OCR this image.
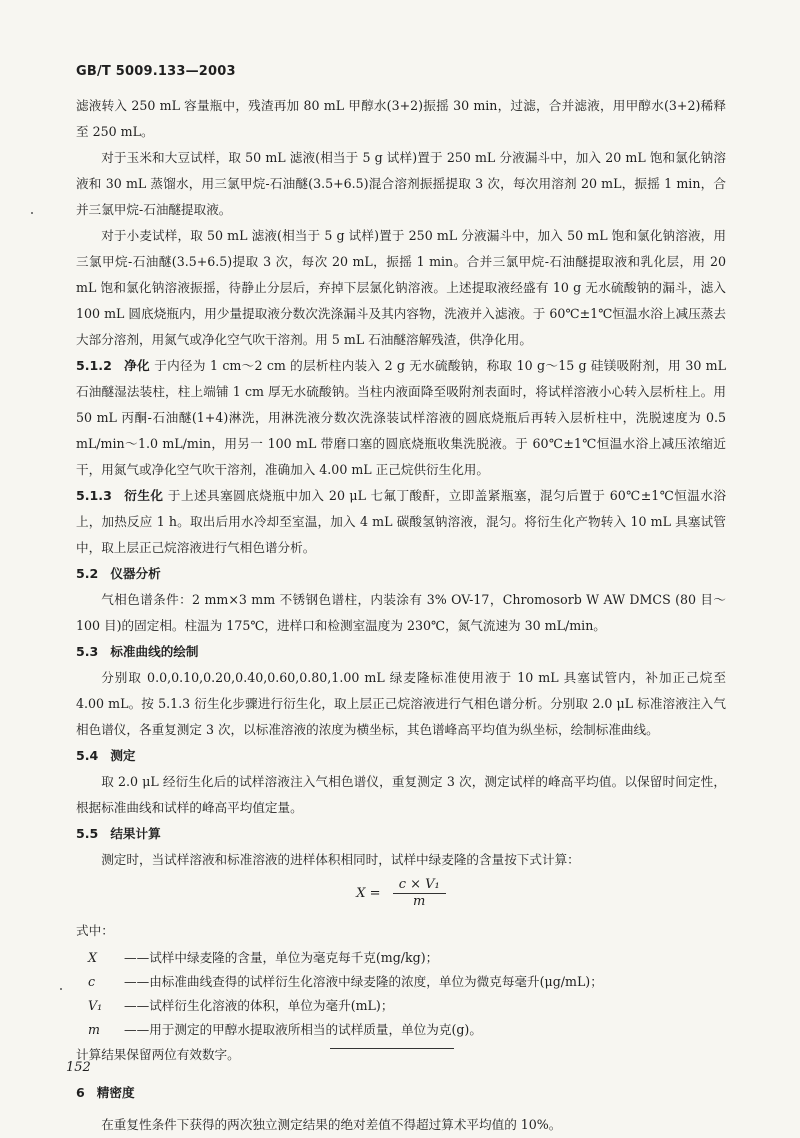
GB/T 5009.133—2003

滤液转入 250 mL 容量瓶中，残渣再加 80 mL 甲醇水(3+2)振摇 30 min，过滤，合并滤液，用甲醇水(3+2)稀释至 250 mL。

对于玉米和大豆试样，取 50 mL 滤液(相当于 5 g 试样)置于 250 mL 分液漏斗中，加入 20 mL 饱和氯化钠溶液和 30 mL 蒸馏水，用三氯甲烷-石油醚(3.5+6.5)混合溶剂振摇提取 3 次，每次用溶剂 20 mL，振摇 1 min，合并三氯甲烷-石油醚提取液。

对于小麦试样，取 50 mL 滤液(相当于 5 g 试样)置于 250 mL 分液漏斗中，加入 50 mL 饱和氯化钠溶液，用三氯甲烷-石油醚(3.5+6.5)提取 3 次，每次 20 mL，振摇 1 min。合并三氯甲烷-石油醚提取液和乳化层，用 20 mL 饱和氯化钠溶液振摇，待静止分层后，弃掉下层氯化钠溶液。上述提取液经盛有 10 g 无水硫酸钠的漏斗，滤入 100 mL 圆底烧瓶内，用少量提取液分数次洗涤漏斗及其内容物，洗液并入滤液。于 60℃±1℃恒温水浴上减压蒸去大部分溶剂，用氮气或净化空气吹干溶剂。用 5 mL 石油醚溶解残渣，供净化用。

5.1.2 净化 于内径为 1 cm～2 cm 的层析柱内装入 2 g 无水硫酸钠，称取 10 g～15 g 硅镁吸附剂，用 30 mL 石油醚湿法装柱，柱上端铺 1 cm 厚无水硫酸钠。当柱内液面降至吸附剂表面时，将试样溶液小心转入层析柱上。用 50 mL 丙酮-石油醚(1+4)淋洗，用淋洗液分数次洗涤装试样溶液的圆底烧瓶后再转入层析柱中，洗脱速度为 0.5 mL/min～1.0 mL/min，用另一 100 mL 带磨口塞的圆底烧瓶收集洗脱液。于 60℃±1℃恒温水浴上减压浓缩近干，用氮气或净化空气吹干溶剂，准确加入 4.00 mL 正己烷供衍生化用。

5.1.3 衍生化 于上述具塞圆底烧瓶中加入 20 μL 七氟丁酸酐，立即盖紧瓶塞，混匀后置于 60℃±1℃恒温水浴上，加热反应 1 h。取出后用水冷却至室温，加入 4 mL 碳酸氢钠溶液，混匀。将衍生化产物转入 10 mL 具塞试管中，取上层正己烷溶液进行气相色谱分析。

5.2 仪器分析

气相色谱条件：2 mm×3 mm 不锈钢色谱柱，内装涂有 3% OV-17，Chromosorb W AW DMCS (80 目～100 目)的固定相。柱温为 175℃，进样口和检测室温度为 230℃，氮气流速为 30 mL/min。

5.3 标准曲线的绘制

分别取 0.0,0.10,0.20,0.40,0.60,0.80,1.00 mL 绿麦隆标准使用液于 10 mL 具塞试管内，补加正己烷至 4.00 mL。按 5.1.3 衍生化步骤进行衍生化，取上层正己烷溶液进行气相色谱分析。分别取 2.0 μL 标准溶液注入气相色谱仪，各重复测定 3 次，以标准溶液的浓度为横坐标，其色谱峰高平均值为纵坐标，绘制标准曲线。

5.4 测定

取 2.0 μL 经衍生化后的试样溶液注入气相色谱仪，重复测定 3 次，测定试样的峰高平均值。以保留时间定性，根据标准曲线和试样的峰高平均值定量。

5.5 结果计算

测定时，当试样溶液和标准溶液的进样体积相同时，试样中绿麦隆的含量按下式计算：

$X = \frac{\text{c × V₁}}{m}$

式中：

X	——试样中绿麦隆的含量，单位为毫克每千克(mg/kg)；
c	——由标准曲线查得的试样衍生化溶液中绿麦隆的浓度，单位为微克每毫升(μg/mL)；
V₁	——试样衍生化溶液的体积，单位为毫升(mL)；
m	——用于测定的甲醇水提取液所相当的试样质量，单位为克(g)。

计算结果保留两位有效数字。

6 精密度

在重复性条件下获得的两次独立测定结果的绝对差值不得超过算术平均值的 10%。

152
